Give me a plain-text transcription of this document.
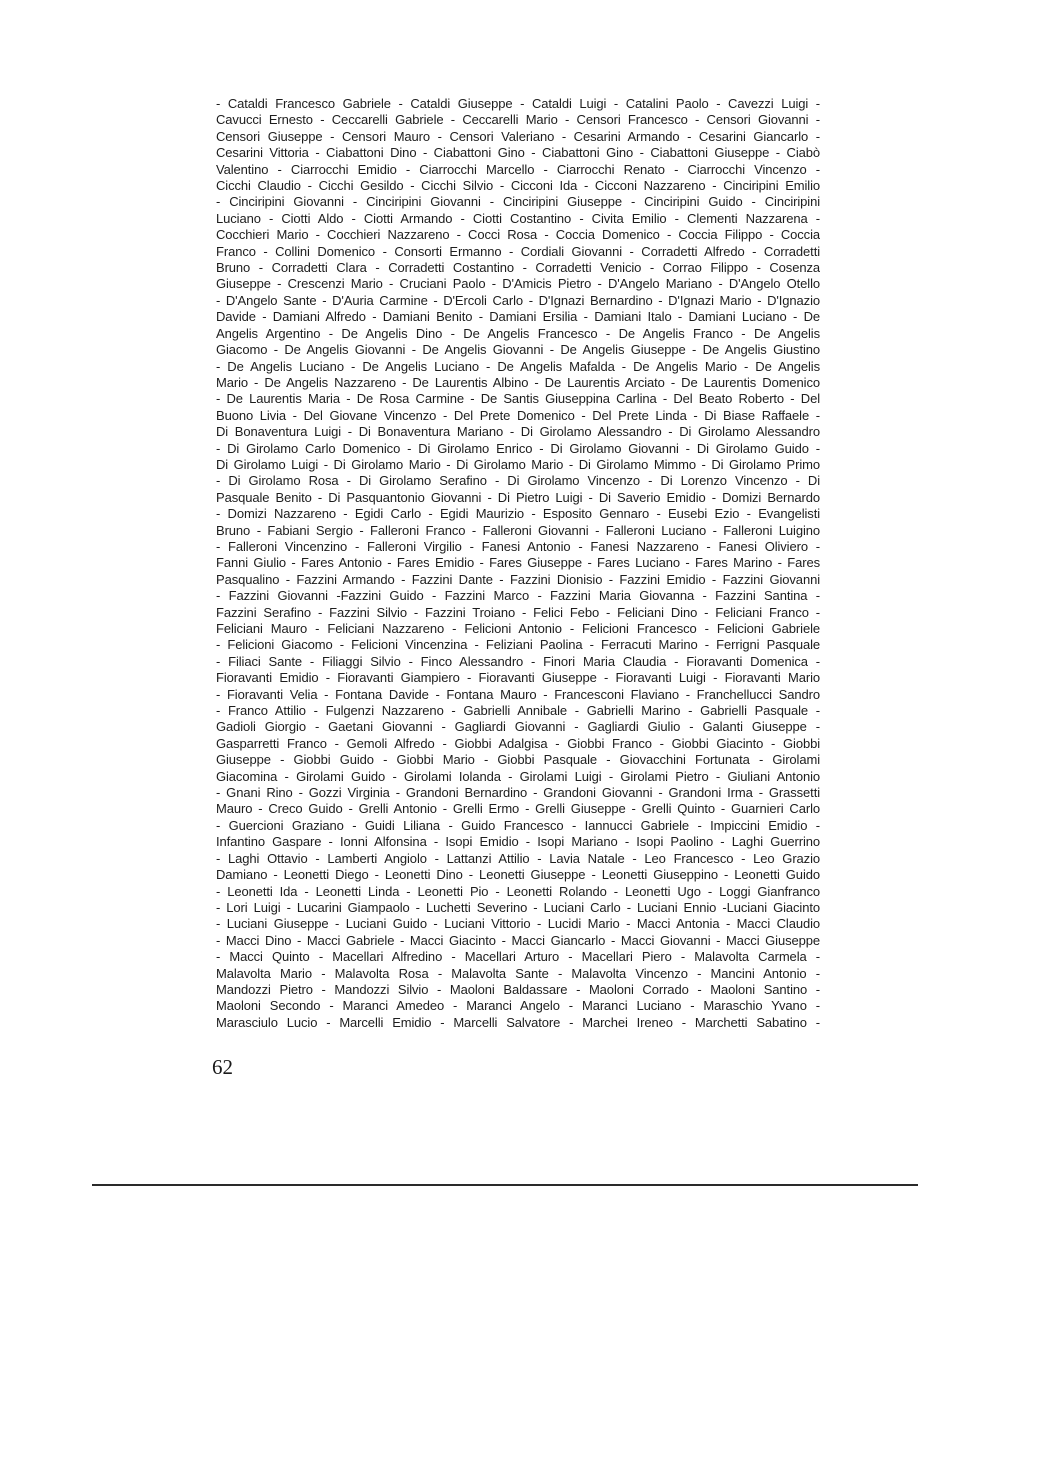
- Cataldi Francesco Gabriele - Cataldi Giuseppe - Cataldi Luigi - Catalini Paolo - Cavezzi Luigi -
Cavucci Ernesto - Ceccarelli Gabriele - Ceccarelli Mario - Censori Francesco - Censori Giovanni -
Censori Giuseppe - Censori Mauro - Censori Valeriano - Cesarini Armando - Cesarini Giancarlo -
Cesarini Vittoria - Ciabattoni Dino - Ciabattoni Gino - Ciabattoni Gino - Ciabattoni Giuseppe - Ciabò
Valentino - Ciarrocchi Emidio - Ciarrocchi Marcello - Ciarrocchi Renato - Ciarrocchi Vincenzo -
Cicchi Claudio - Cicchi Gesildo - Cicchi Silvio - Cicconi Ida - Cicconi Nazzareno - Cinciripini Emilio
- Cinciripini Giovanni - Cinciripini Giovanni - Cinciripini Giuseppe - Cinciripini Guido - Cinciripini
Luciano - Ciotti Aldo - Ciotti Armando - Ciotti Costantino - Civita Emilio - Clementi Nazzarena -
Cocchieri Mario - Cocchieri Nazzareno - Cocci Rosa - Coccia Domenico - Coccia Filippo - Coccia
Franco - Collini Domenico - Consorti Ermanno - Cordiali Giovanni - Corradetti Alfredo - Corradetti
Bruno - Corradetti Clara - Corradetti Costantino - Corradetti Venicio - Corrao Filippo - Cosenza
Giuseppe - Crescenzi Mario - Cruciani Paolo - D'Amicis Pietro - D'Angelo Mariano - D'Angelo Otello
- D'Angelo Sante - D'Auria Carmine - D'Ercoli Carlo - D'Ignazi Bernardino - D'Ignazi Mario - D'Ignazio
Davide - Damiani Alfredo - Damiani Benito - Damiani Ersilia - Damiani Italo - Damiani Luciano - De
Angelis Argentino - De Angelis Dino - De Angelis Francesco - De Angelis Franco - De Angelis
Giacomo - De Angelis Giovanni - De Angelis Giovanni - De Angelis Giuseppe - De Angelis Giustino
- De Angelis Luciano - De Angelis Luciano - De Angelis Mafalda - De Angelis Mario - De Angelis
Mario - De Angelis Nazzareno - De Laurentis Albino - De Laurentis Arciato - De Laurentis Domenico
- De Laurentis Maria - De Rosa Carmine - De Santis Giuseppina Carlina - Del Beato Roberto - Del
Buono Livia - Del Giovane Vincenzo - Del Prete Domenico - Del Prete Linda - Di Biase Raffaele -
Di Bonaventura Luigi - Di Bonaventura Mariano - Di Girolamo Alessandro - Di Girolamo Alessandro
- Di Girolamo Carlo Domenico - Di Girolamo Enrico - Di Girolamo Giovanni - Di Girolamo Guido -
Di Girolamo Luigi - Di Girolamo Mario - Di Girolamo Mario - Di Girolamo Mimmo - Di Girolamo Primo
- Di Girolamo Rosa - Di Girolamo Serafino - Di Girolamo Vincenzo - Di Lorenzo Vincenzo - Di
Pasquale Benito - Di Pasquantonio Giovanni - Di Pietro Luigi - Di Saverio Emidio - Domizi Bernardo
- Domizi Nazzareno - Egidi Carlo - Egidi Maurizio - Esposito Gennaro - Eusebi Ezio - Evangelisti
Bruno - Fabiani Sergio - Falleroni Franco - Falleroni Giovanni - Falleroni Luciano - Falleroni Luigino
- Falleroni Vincenzino - Falleroni Virgilio - Fanesi Antonio - Fanesi Nazzareno - Fanesi Oliviero -
Fanni Giulio - Fares Antonio - Fares Emidio - Fares Giuseppe - Fares Luciano - Fares Marino - Fares
Pasqualino - Fazzini Armando - Fazzini Dante - Fazzini Dionisio - Fazzini Emidio - Fazzini Giovanni
- Fazzini Giovanni -Fazzini Guido - Fazzini Marco - Fazzini Maria Giovanna - Fazzini Santina -
Fazzini Serafino - Fazzini Silvio - Fazzini Troiano - Felici Febo - Feliciani Dino - Feliciani Franco -
Feliciani Mauro - Feliciani Nazzareno - Felicioni Antonio - Felicioni Francesco - Felicioni Gabriele
- Felicioni Giacomo - Felicioni Vincenzina - Feliziani Paolina - Ferracuti Marino - Ferrigni Pasquale
- Filiaci Sante - Filiaggi Silvio - Finco Alessandro - Finori Maria Claudia - Fioravanti Domenica -
Fioravanti Emidio - Fioravanti Giampiero - Fioravanti Giuseppe - Fioravanti Luigi - Fioravanti Mario
- Fioravanti Velia - Fontana Davide - Fontana Mauro - Francesconi Flaviano - Franchellucci Sandro
- Franco Attilio - Fulgenzi Nazzareno - Gabrielli Annibale - Gabrielli Marino - Gabrielli Pasquale -
Gadioli Giorgio - Gaetani Giovanni - Gagliardi Giovanni - Gagliardi Giulio - Galanti Giuseppe -
Gasparretti Franco - Gemoli Alfredo - Giobbi Adalgisa - Giobbi Franco - Giobbi Giacinto - Giobbi
Giuseppe - Giobbi Guido - Giobbi Mario - Giobbi Pasquale - Giovacchini Fortunata - Girolami
Giacomina - Girolami Guido - Girolami Iolanda - Girolami Luigi - Girolami Pietro - Giuliani Antonio
- Gnani Rino - Gozzi Virginia - Grandoni Bernardino - Grandoni Giovanni - Grandoni Irma - Grassetti
Mauro - Creco Guido - Grelli Antonio - Grelli Ermo - Grelli Giuseppe - Grelli Quinto - Guarnieri Carlo
- Guercioni Graziano - Guidi Liliana - Guido Francesco - Iannucci Gabriele - Impiccini Emidio -
Infantino Gaspare - Ionni Alfonsina - Isopi Emidio - Isopi Mariano - Isopi Paolino - Laghi Guerrino
- Laghi Ottavio - Lamberti Angiolo - Lattanzi Attilio - Lavia Natale - Leo Francesco - Leo Grazio
Damiano - Leonetti Diego - Leonetti Dino - Leonetti Giuseppe - Leonetti Giuseppino - Leonetti Guido
- Leonetti Ida - Leonetti Linda - Leonetti Pio - Leonetti Rolando - Leonetti Ugo - Loggi Gianfranco
- Lori Luigi - Lucarini Giampaolo - Luchetti Severino - Luciani Carlo - Luciani Ennio -Luciani Giacinto
- Luciani Giuseppe - Luciani Guido - Luciani Vittorio - Lucidi Mario - Macci Antonia - Macci Claudio
- Macci Dino - Macci Gabriele - Macci Giacinto - Macci Giancarlo - Macci Giovanni - Macci Giuseppe
- Macci Quinto - Macellari Alfredino - Macellari Arturo - Macellari Piero - Malavolta Carmela -
Malavolta Mario - Malavolta Rosa - Malavolta Sante - Malavolta Vincenzo - Mancini Antonio -
Mandozzi Pietro - Mandozzi Silvio - Maoloni Baldassare - Maoloni Corrado - Maoloni Santino -
Maoloni Secondo - Maranci Amedeo - Maranci Angelo - Maranci Luciano - Maraschio Yvano -
Marasciulo Lucio - Marcelli Emidio - Marcelli Salvatore - Marchei Ireneo - Marchetti Sabatino -
62
